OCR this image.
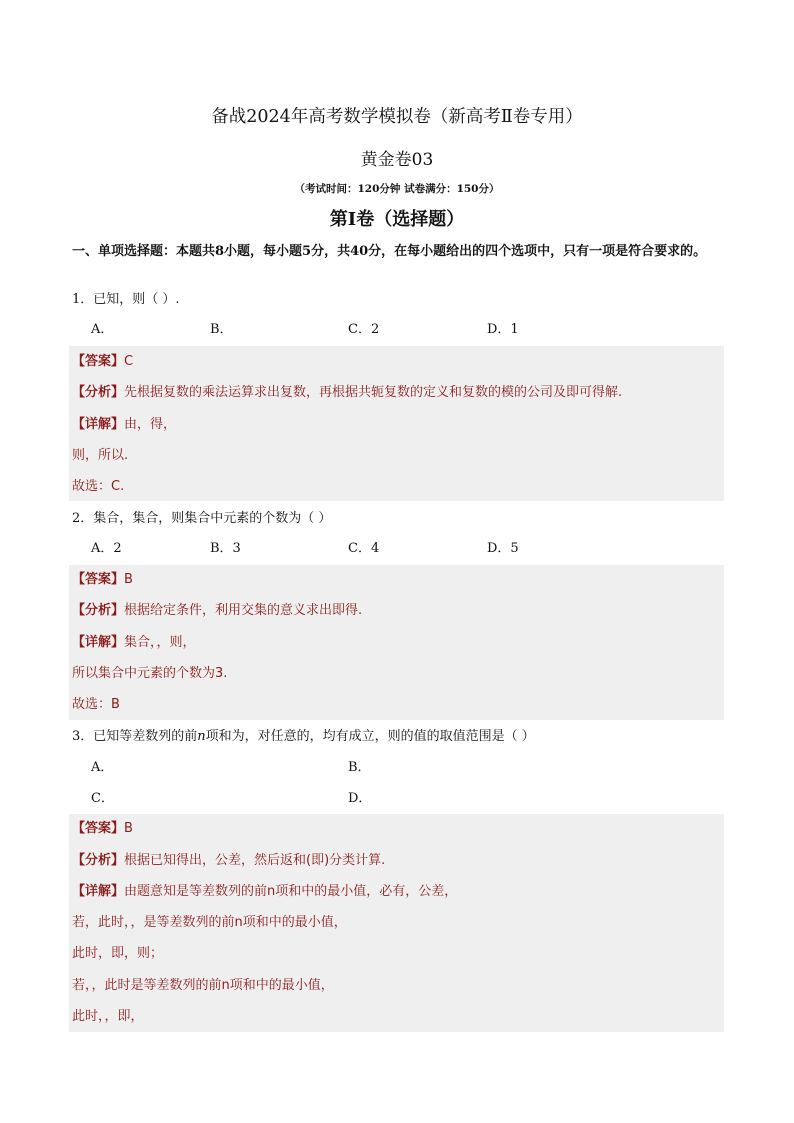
备战2024年高考数学模拟卷（新高考Ⅱ卷专用）
黄金卷03
（考试时间：120分钟 试卷满分：150分）
第Ⅰ卷（选择题）
一、单项选择题：本题共8小题，每小题5分，共40分，在每小题给出的四个选项中，只有一项是符合要求的。
1．已知，则（ ）.
A．	B．	C．2	D．1
【答案】C
【分析】先根据复数的乘法运算求出复数，再根据共轭复数的定义和复数的模的公司及即可得解.
【详解】由，得，
则，所以.
故选：C.
2．集合，集合，则集合中元素的个数为（ ）
A．2	B．3	C．4	D．5
【答案】B
【分析】根据给定条件，利用交集的意义求出即得.
【详解】集合，，则，
所以集合中元素的个数为3.
故选：B
3．已知等差数列的前n项和为，对任意的，均有成立，则的值的取值范围是（ ）
A．	B．
C．	D．
【答案】B
【分析】根据已知得出，公差，然后返和(即)分类计算.
【详解】由题意知是等差数列的前n项和中的最小值，必有，公差，
若，此时，，是等差数列的前n项和中的最小值，
此时，即，则；
若，，此时是等差数列的前n项和中的最小值，
此时，，即，
